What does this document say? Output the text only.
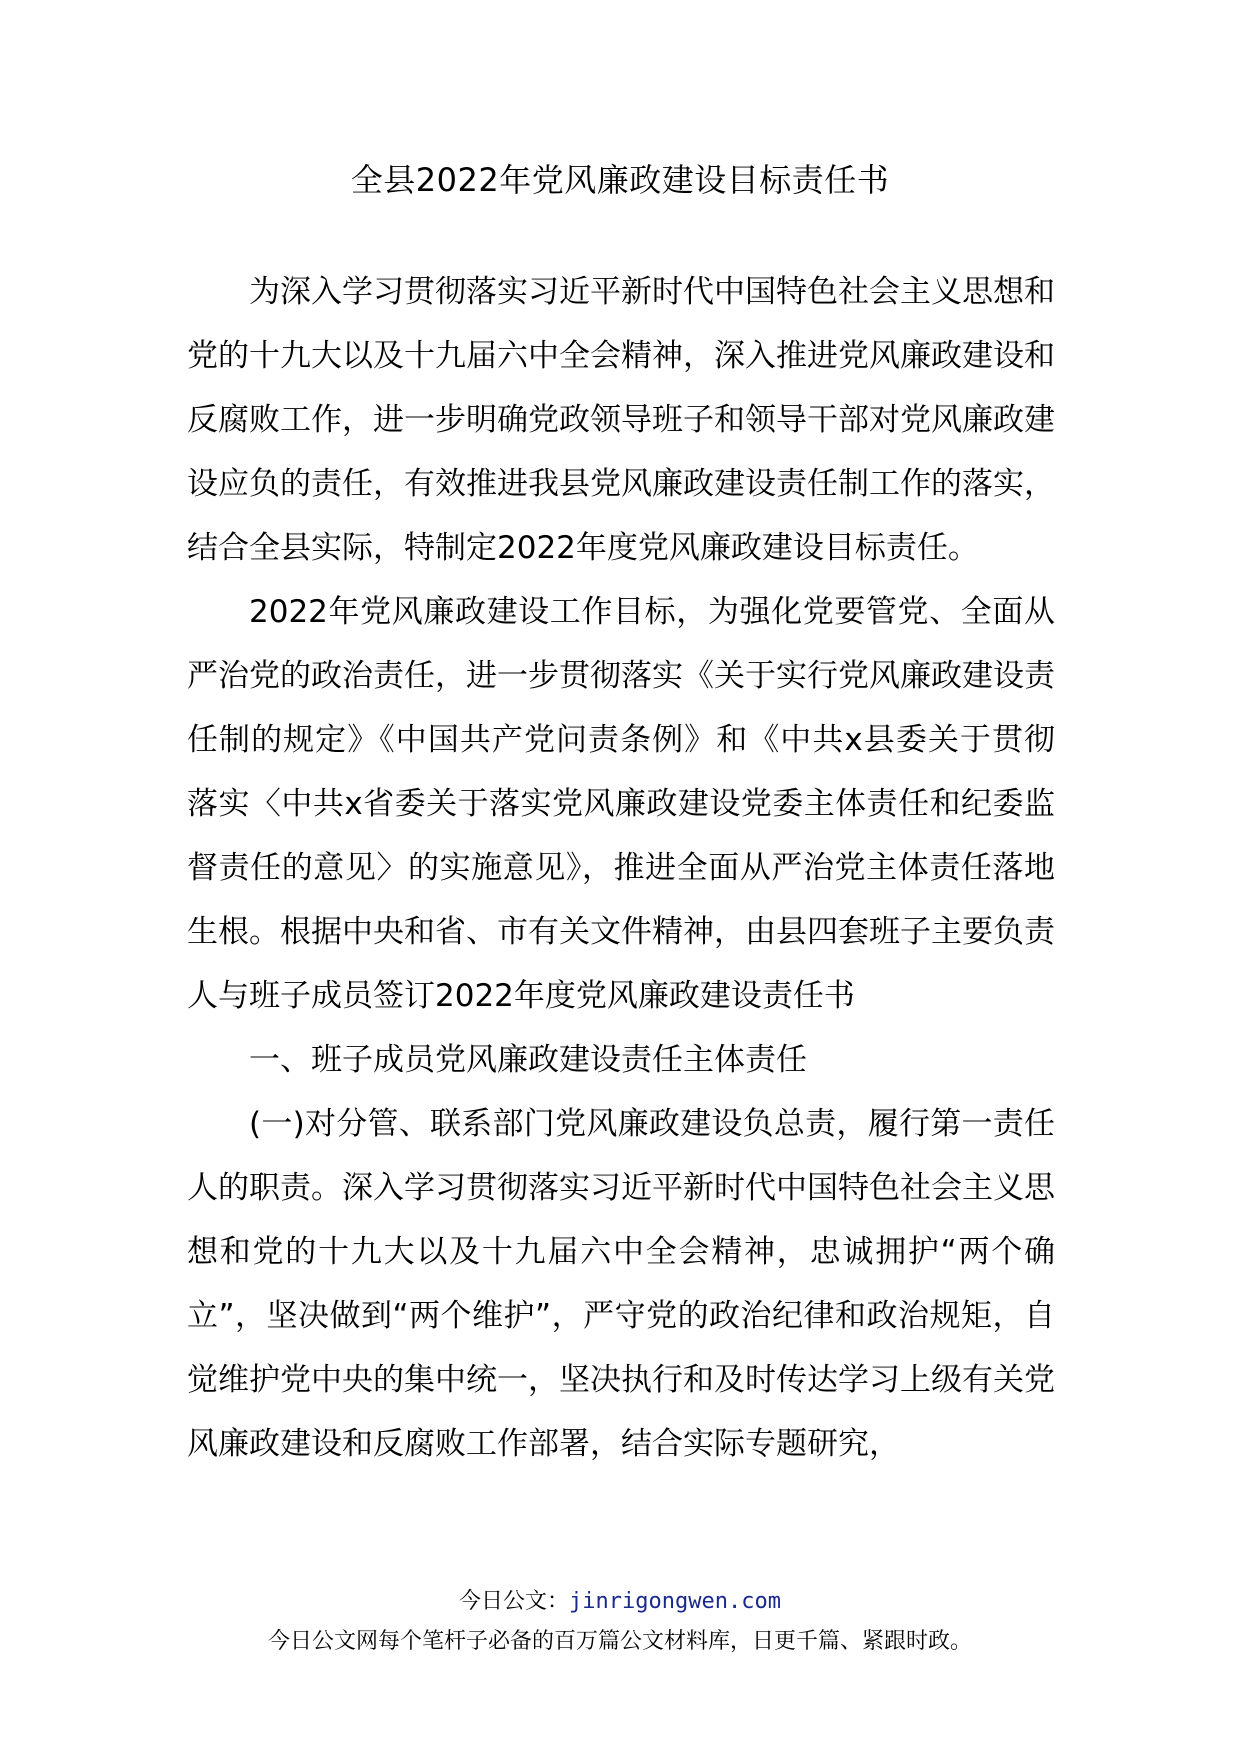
全县2022年党风廉政建设目标责任书

为深入学习贯彻落实习近平新时代中国特色社会主义思想和党的十九大以及十九届六中全会精神，深入推进党风廉政建设和反腐败工作，进一步明确党政领导班子和领导干部对党风廉政建设应负的责任，有效推进我县党风廉政建设责任制工作的落实，结合全县实际，特制定2022年度党风廉政建设目标责任。

2022年党风廉政建设工作目标，为强化党要管党、全面从严治党的政治责任，进一步贯彻落实《关于实行党风廉政建设责任制的规定》《中国共产党问责条例》和《中共x县委关于贯彻落实〈中共x省委关于落实党风廉政建设党委主体责任和纪委监督责任的意见〉的实施意见》，推进全面从严治党主体责任落地生根。根据中央和省、市有关文件精神，由县四套班子主要负责人与班子成员签订2022年度党风廉政建设责任书

一、班子成员党风廉政建设责任主体责任

(一)对分管、联系部门党风廉政建设负总责，履行第一责任人的职责。深入学习贯彻落实习近平新时代中国特色社会主义思想和党的十九大以及十九届六中全会精神，忠诚拥护“两个确立”，坚决做到“两个维护”，严守党的政治纪律和政治规矩，自觉维护党中央的集中统一，坚决执行和及时传达学习上级有关党风廉政建设和反腐败工作部署，结合实际专题研究，

今日公文：jinrigongwen.com
今日公文网每个笔杆子必备的百万篇公文材料库，日更千篇、紧跟时政。
